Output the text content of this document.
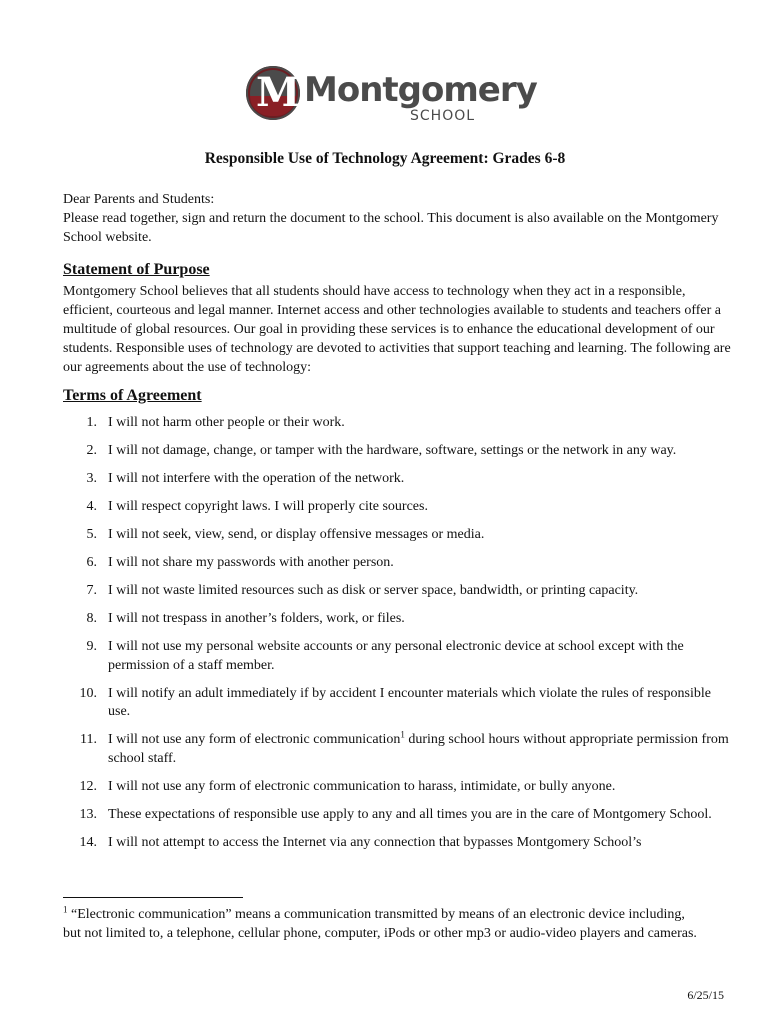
M Montgomery
SCHOOL
Responsible Use of Technology Agreement: Grades 6-8
Dear Parents and Students:
Please read together, sign and return the document to the school. This document is also available on the Montgomery School website.
Statement of Purpose
Montgomery School believes that all students should have access to technology when they act in a responsible, efficient, courteous and legal manner. Internet access and other technologies available to students and teachers offer a multitude of global resources. Our goal in providing these services is to enhance the educational development of our students. Responsible uses of technology are devoted to activities that support teaching and learning. The following are our agreements about the use of technology:
Terms of Agreement
1. I will not harm other people or their work.
2. I will not damage, change, or tamper with the hardware, software, settings or the network in any way.
3. I will not interfere with the operation of the network.
4. I will respect copyright laws. I will properly cite sources.
5. I will not seek, view, send, or display offensive messages or media.
6. I will not share my passwords with another person.
7. I will not waste limited resources such as disk or server space, bandwidth, or printing capacity.
8. I will not trespass in another’s folders, work, or files.
9. I will not use my personal website accounts or any personal electronic device at school except with the permission of a staff member.
10. I will notify an adult immediately if by accident I encounter materials which violate the rules of responsible use.
11. I will not use any form of electronic communication$^1$ during school hours without appropriate permission from school staff.
12. I will not use any form of electronic communication to harass, intimidate, or bully anyone.
13. These expectations of responsible use apply to any and all times you are in the care of Montgomery School.
14. I will not attempt to access the Internet via any connection that bypasses Montgomery School’s
$^1$ “Electronic communication” means a communication transmitted by means of an electronic device including, but not limited to, a telephone, cellular phone, computer, iPods or other mp3 or audio-video players and cameras.
6/25/15
